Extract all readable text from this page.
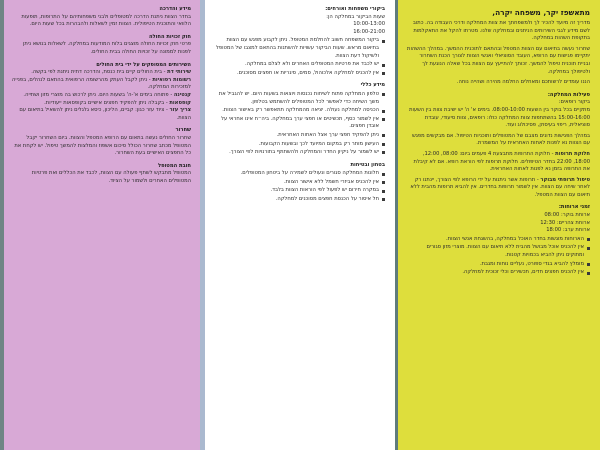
מידע והדרכה

בחדר הצוות ניתנת הדרכה למטופלים ולבני משפחותיהם על התרופות, תופעות הלוואי והתוכנית הטיפולית. הצוות זמין לשאלות ולהבהרות בכל שעות היום.

חוק זכויות החולה

פרטי חוק זכויות החולה מוצגים בלוח המודעות במחלקה. לשאלות בנושא ניתן לפנות לממונה על זכויות החולה בבית החולים.

השירותים המסופקים על ידי בית החולים
שירותי דת - בית החולים קיים בית כנסת, והדרכה דתית ניתנת לפי בקשה.
רשומות רפואיות - ניתן לקבל העתק מהרשומה הרפואית בהתאם לנהלים, בפנייה למזכירות המחלקה.
קנטינה - פתוחה בימים א'-ה' בשעות היום. ניתן לרכוש בה מוצרי מזון ושתייה.
קופסאות - בקבלה ניתן להפקיד חפצים אישיים בקופסאות ייעודיות.
צריך עזר - ציוד עזר כגון: קביים, הליכון, כיסא גלגלים ניתן להשאיל בתיאום עם הצוות.
שחרור

שחרור החולים נעשה בתאום עם הרופא המטפל והצוות. ביום השחרור יקבל המטופל מכתב שחרור הכולל סיכום אשפוז והמלצות להמשך טיפול. יש לקחת את כל החפצים האישיים בעת השחרור.

חובת המטופל

המטופל מתבקש לשתף פעולה עם הצוות, לכבד את הכללים ואת פרטיות המטופלים האחרים ולשמור על הציוד.

ביקורי משפחות ואורחים:
שעות הביקור במחלקה הן:
10:00-13:00
16:00-21:00
ביקור המשפחה חשוב להחלמת המטופל. ניתן לקבוע מפגש עם הצוות בתיאום מראש. שעות הביקור עשויות להשתנות בהתאם למצבו של המטופל ולשיקול דעת הצוות.
יש לכבד את פרטיות המטופלים האחרים ולא לצלם במחלקה.
אין להכניס למחלקה אלכוהול, סמים, סיגריות או חפצים מסוכנים.
מידע כללי
טלפון המחלקה פתוח לשיחות נכנסות ויוצאות בשעות היום. יש להגביל את משך השיחה כדי לאפשר לכל המטופלים להשתמש בטלפון.
הכניסה למחלקה נעולה. יציאה מהמחלקה תתאפשר רק באישור הצוות.
אין לשמור כסף, תכשיטים או חפצי ערך במחלקה. ביה״ח אינו אחראי על אובדן חפצים.
ניתן להפקיד חפצי ערך אצל האחות האחראית.
העישון מותר רק במקום המיועד לכך ובשעות הקבועות.
יש לשמור על ניקיון החדר והמחלקה ולהשתתף בתורנויות לפי הצורך.
בטחון ובטיחות
חלונות המחלקה סגורים ונעולים לשמירה על ביטחון המטופלים.
אין להכניס אביזרי חשמל ללא אישור הצוות.
במקרה חירום יש לפעול לפי הוראות הצוות בלבד.
חל איסור על הכנסת חפצים מסוכנים למחלקה.
מתאשפז יקר, משפחה יקרה,

מדריך זה מיועד להכיר לך ולמשפחתך את צוות המחלקה ודרכי העבודה בה. כתוב לשם מידע לגבי השירותים הניתנים ובמחלקה שלנו. מטרתו להקל את התאקלמות בתקופת השהות במחלקה.

שחרור נעשה בתיאום עם הצוות המטפל ובהתאם לתוכנית ההמשך. במהלך ההשהות יתקיימו פגישות עם הרופא, העובד הסוציאלי ואנשי הצוות לצורך הכנת השחרור ובניית תוכנית טיפול להמשך. זכותך להתייעץ עם הצוות בכל שאלה הנוגעת לך ולטיפולך במחלקה.

הננו עומדים לרשותכם ומאחלים החלמה מהירה ושהייה נוחה.

פעילות המחלקה:
ביקור רופאים:

מתקיים בכל בוקר בין השעות 08:00-10:00. בימים א' ה' יש ישיבת צוות בין השעות 15:00-16:00 בהשתתפות צוות המחלקה כולו: רופאים, צוות סיעודי, עובדת סוציאלית, ריפוי בעיסוק, פסיכולוג ועוד.

במהלך הפגישות נדונים מצבם של המטופלים ותוכניות הטיפול. אם מבקשים מפגש עם הצוות נא לפנות לאחות האחראית על המשמרת.

חלוקת תרופות - חלוקת התרופות מתבצעת 4 פעמים ביום: 08:00, 12:00, 18:00, 22:00 בחדר הטיפולים. חלוקת תרופות לפי הוראת רופא. אם לא קיבלת את התרופה בזמן נא לפנות לאחות האחראית.

טיפול תרופתי מבוקר - תרופות אשר ניתנות על ידי הרופא לפי הצורך, יינתנו רק לאחר שיחה עם הצוות. אין לשמור תרופות בחדרים. אין להביא תרופות מהבית ללא תיאום עם הצוות המטפל.

זמני ארוחות:
ארוחת בוקר: 08:00
ארוחת צהריים: 12:30
ארוחת ערב: 18:00
הארוחות מוגשות בחדר האוכל במחלקה, בהשגחת אנשי הצוות.
אין להכניס אוכל מבושל מהבית ללא תיאום עם הצוות. מוצרי מזון סגורים ומתוקים ניתן להביא בכמויות קטנות.
מומלץ להביא בגדי ספורט, נעליים נוחות ומגבת.
אין להכניס חפצים חדים, תכשירים וכלי זכוכית למחלקה.
